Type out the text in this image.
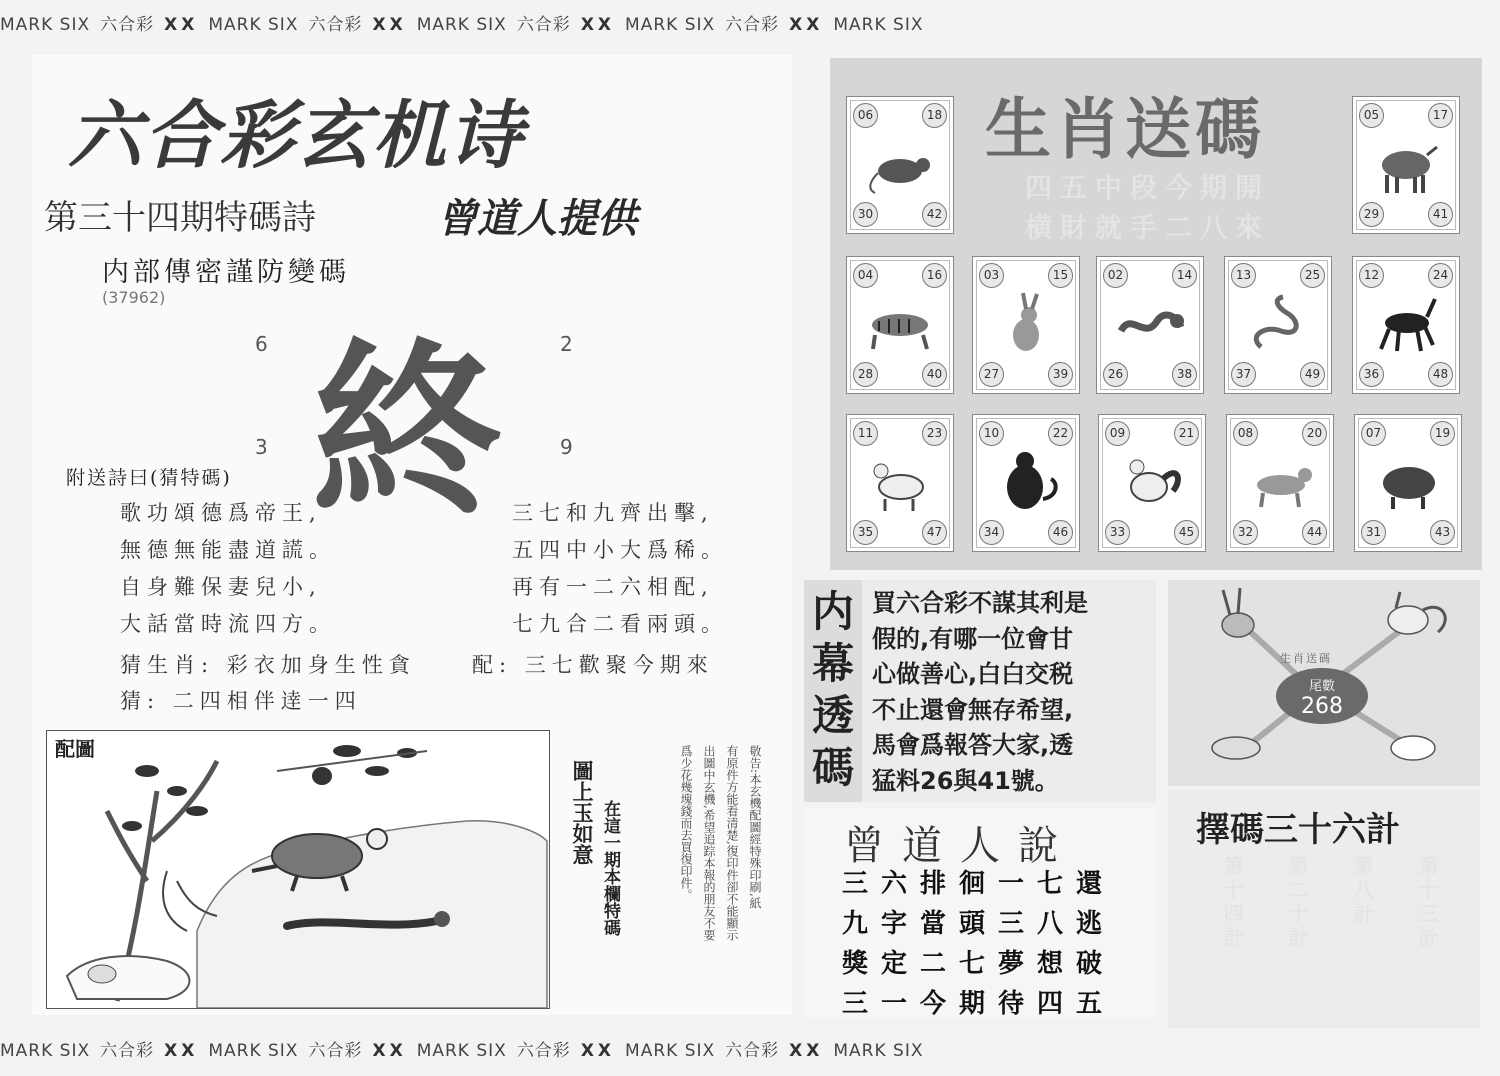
MARK SIX 六合彩 XX MARK SIX 六合彩 XX MARK SIX 六合彩 XX MARK SIX 六合彩 XX MARK SIX
MARK SIX 六合彩 XX MARK SIX 六合彩 XX MARK SIX 六合彩 XX MARK SIX 六合彩 XX MARK SIX
六合彩玄机诗
第三十四期特碼詩	曾道人提供
内部傳密謹防變碼
(37962)
6	2
3	9
終
附送詩曰(猜特碼)
歌功頌德爲帝王,
無德無能盡道謊。
自身難保妻兒小,
大話當時流四方。
三七和九齊出擊,
五四中小大爲稀。
再有一二六相配,
七九合二看兩頭。
猜生肖: 彩衣加身生性貪	配: 三七歡聚今期來
猜: 二四相伴逹一四
配圖
圖上玉如意 在這一期本欄特碼	敬告:本玄機配圖經特殊印刷,紙
有原件方能看清楚,復印件卻不能顯示
出圖中玄機,希望追踪本報的朋友不要
爲少花幾塊錢而去買復印件。
生肖送碼
四五中段今期開
横財就手二八來
06	18
30	42
05	17
29	41
04	16
28	40
03	15
27	39
02	14
26	38
13	25
37	49
12	24
36	48
11	23
35	47
10	22
34	46
09	21
33	45
08	20
32	44
07	19
31	43
内
幕
透
碼
買六合彩不謀其利是
假的,有哪一位會甘
心做善心,白白交税
不止還會無存希望,
馬會爲報答大家,透
猛料26與41號。
尾數
268
生肖送碼
曾道人說
三六排徊一七還
九字當頭三八逃
獎定二七夢想破
三一今期待四五
擇碼三十六計
第十四計 第二十計 第八計 第十三計
